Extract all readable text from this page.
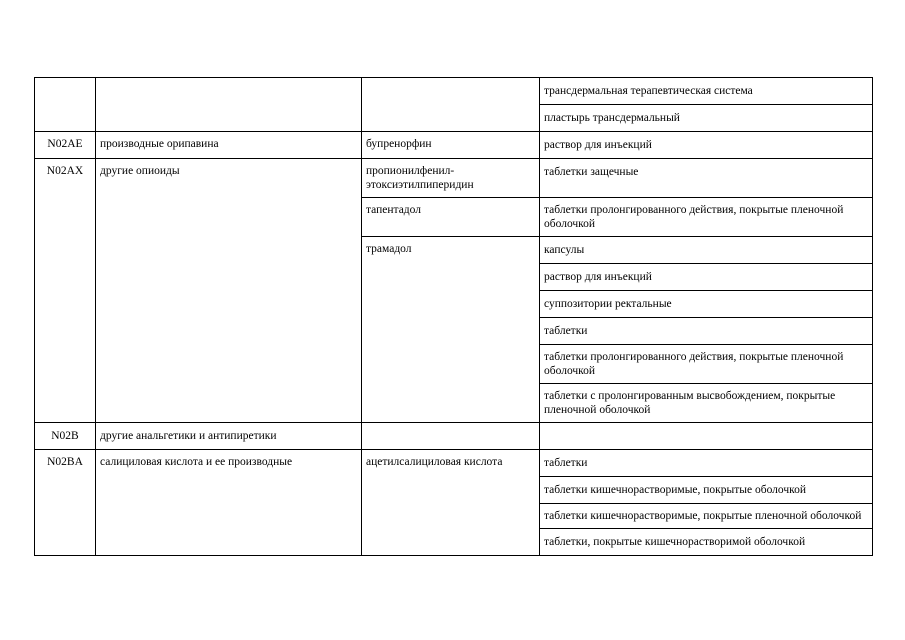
			трансдермальная терапевтическая система
			пластырь трансдермальный
N02AE	производные орипавина	бупренорфин	раствор для инъекций
N02AX	другие опиоиды	пропионилфенил-этоксиэтилпиперидин	таблетки защечные
		тапентадол	таблетки пролонгированного действия, покрытые пленочной оболочкой
		трамадол	капсулы
			раствор для инъекций
			суппозитории ректальные
			таблетки
			таблетки пролонгированного действия, покрытые пленочной оболочкой
			таблетки с пролонгированным высвобождением, покрытые пленочной оболочкой
N02B	другие анальгетики и антипиретики		
N02BA	салициловая кислота и ее производные	ацетилсалициловая кислота	таблетки
			таблетки кишечнорастворимые, покрытые оболочкой
			таблетки кишечнорастворимые, покрытые пленочной оболочкой
			таблетки, покрытые кишечнорастворимой оболочкой
